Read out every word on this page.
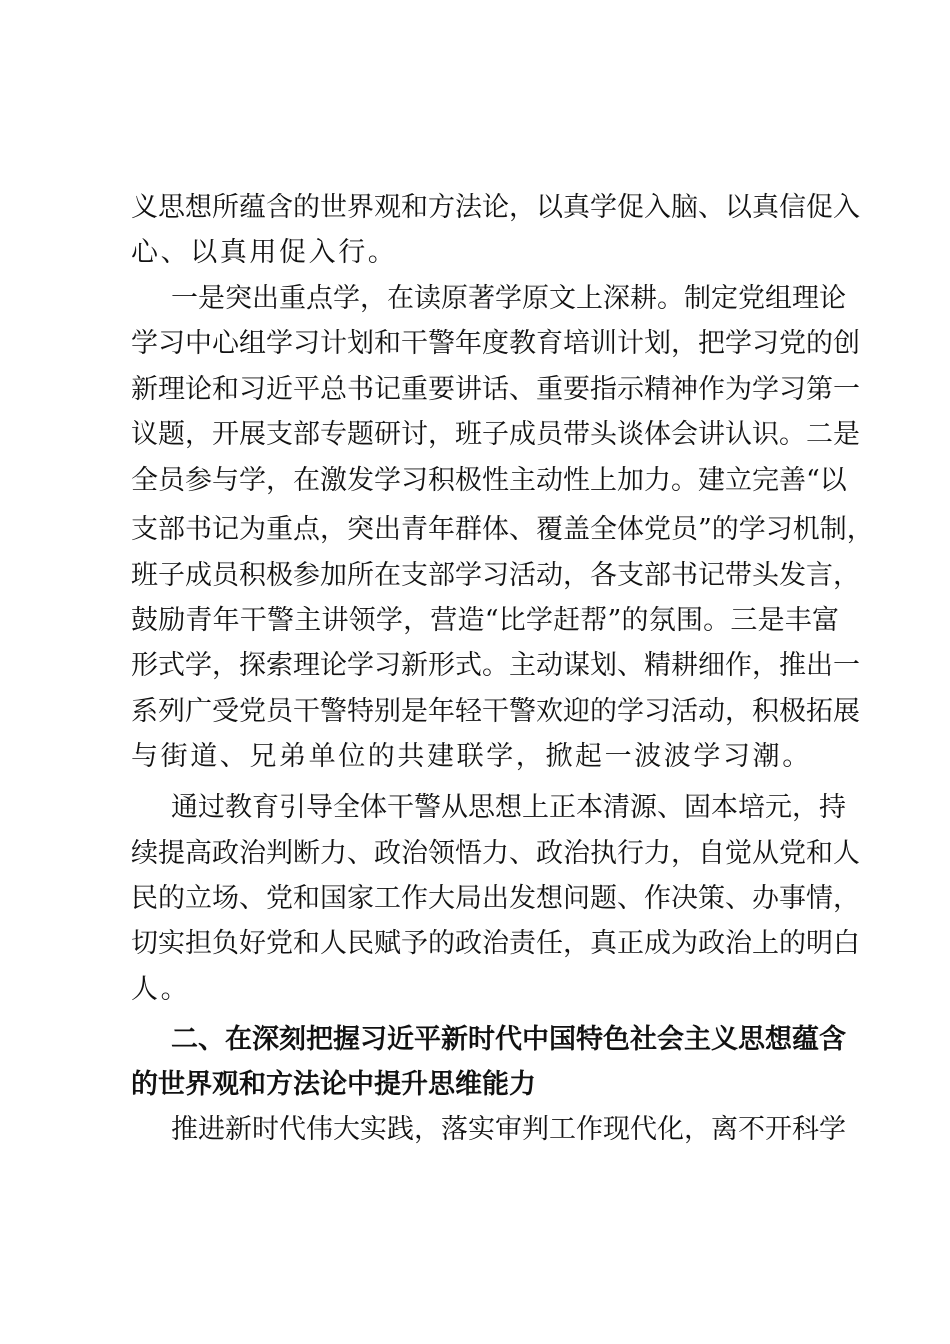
义思想所蕴含的世界观和方法论，以真学促入脑、以真信促入
心、以真用促入行。
一是突出重点学，在读原著学原文上深耕。制定党组理论
学习中心组学习计划和干警年度教育培训计划，把学习党的创
新理论和习近平总书记重要讲话、重要指示精神作为学习第一
议题，开展支部专题研讨，班子成员带头谈体会讲认识。二是
全员参与学，在激发学习积极性主动性上加力。建立完善“以
支部书记为重点，突出青年群体、覆盖全体党员”的学习机制，
班子成员积极参加所在支部学习活动，各支部书记带头发言，
鼓励青年干警主讲领学，营造“比学赶帮”的氛围。三是丰富
形式学，探索理论学习新形式。主动谋划、精耕细作，推出一
系列广受党员干警特别是年轻干警欢迎的学习活动，积极拓展
与街道、兄弟单位的共建联学，掀起一波波学习潮。
通过教育引导全体干警从思想上正本清源、固本培元，持
续提高政治判断力、政治领悟力、政治执行力，自觉从党和人
民的立场、党和国家工作大局出发想问题、作决策、办事情，
切实担负好党和人民赋予的政治责任，真正成为政治上的明白
人。
二、在深刻把握习近平新时代中国特色社会主义思想蕴含
的世界观和方法论中提升思维能力
推进新时代伟大实践，落实审判工作现代化，离不开科学
